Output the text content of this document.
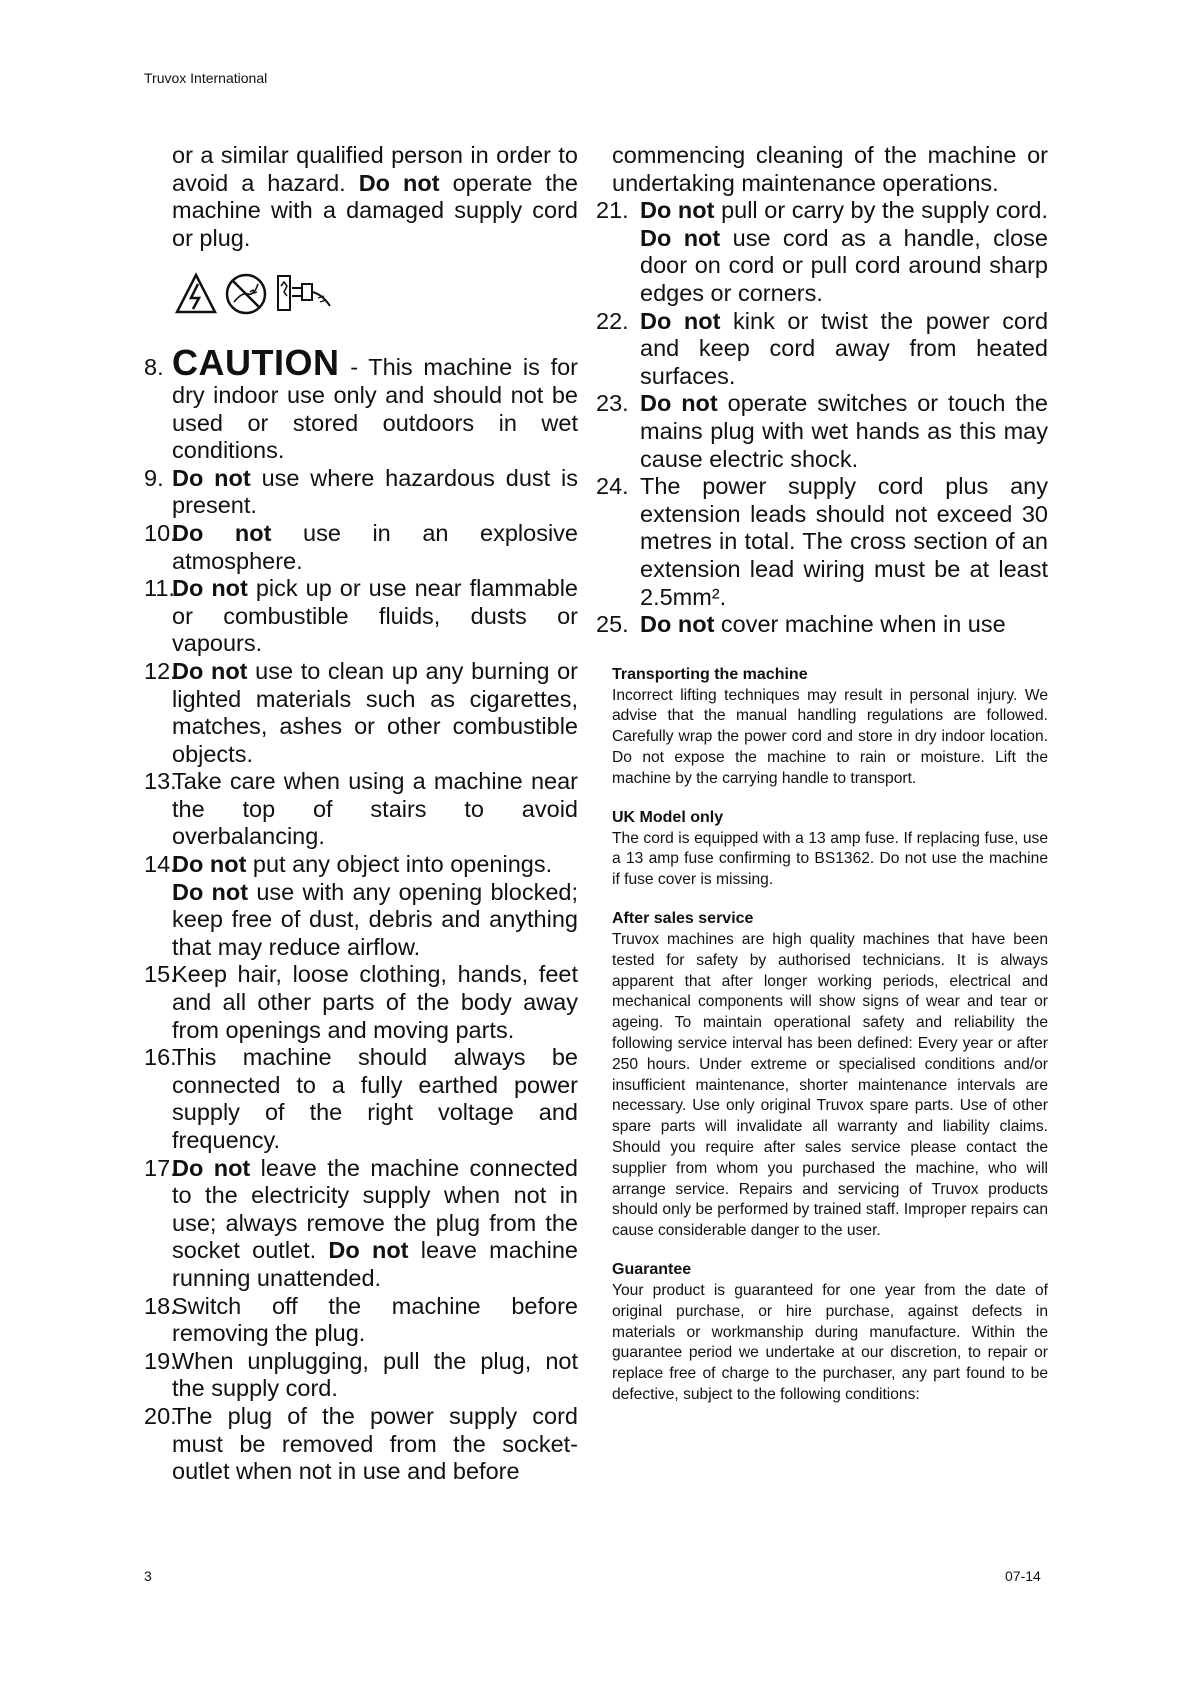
Truvox International

or a similar qualified person in order to avoid a hazard. Do not operate the machine with a damaged supply cord or plug.

8. CAUTION - This machine is for dry indoor use only and should not be used or stored outdoors in wet conditions.
9. Do not use where hazardous dust is present.
10.
Do not use in an explosive atmosphere.
11.
Do not pick up or use near flammable or combustible fluids, dusts or vapours.
12.
Do not use to clean up any burning or lighted materials such as cigarettes, matches, ashes or other combustible objects.
13.
Take care when using a machine near the top of stairs to avoid overbalancing.
14.
Do not put any object into openings.
Do not use with any opening blocked; keep free of dust, debris and anything that may reduce airflow.
15.
Keep hair, loose clothing, hands, feet and all other parts of the body away from openings and moving parts.
16.
This machine should always be connected to a fully earthed power supply of the right voltage and frequency.
17.
Do not leave the machine connected to the electricity supply when not in use; always remove the plug from the socket outlet. Do not leave machine running unattended.
18.
Switch off the machine before removing the plug.
19.
When unplugging, pull the plug, not the supply cord.
20.
The plug of the power supply cord must be removed from the socket-outlet when not in use and before

commencing cleaning of the machine or undertaking maintenance operations.

21. Do not pull or carry by the supply cord. Do not use cord as a handle, close door on cord or pull cord around sharp edges or corners.
22. Do not kink or twist the power cord and keep cord away from heated surfaces.
23. Do not operate switches or touch the mains plug with wet hands as this may cause electric shock.
24. The power supply cord plus any extension leads should not exceed 30 metres in total. The cross section of an extension lead wiring must be at least 2.5mm².
25. Do not cover machine when in use
Transporting the machine
Incorrect lifting techniques may result in personal injury. We advise that the manual handling regulations are followed. Carefully wrap the power cord and store in dry indoor location. Do not expose the machine to rain or moisture. Lift the machine by the carrying handle to transport.
UK Model only
The cord is equipped with a 13 amp fuse. If replacing fuse, use a 13 amp fuse confirming to BS1362. Do not use the machine if fuse cover is missing.
After sales service
Truvox machines are high quality machines that have been tested for safety by authorised technicians. It is always apparent that after longer working periods, electrical and mechanical components will show signs of wear and tear or ageing. To maintain operational safety and reliability the following service interval has been defined: Every year or after 250 hours. Under extreme or specialised conditions and/or insufficient maintenance, shorter maintenance intervals are necessary. Use only original Truvox spare parts. Use of other spare parts will invalidate all warranty and liability claims. Should you require after sales service please contact the supplier from whom you purchased the machine, who will arrange service. Repairs and servicing of Truvox products should only be performed by trained staff. Improper repairs can cause considerable danger to the user.
Guarantee
Your product is guaranteed for one year from the date of original purchase, or hire purchase, against defects in materials or workmanship during manufacture. Within the guarantee period we undertake at our discretion, to repair or replace free of charge to the purchaser, any part found to be defective, subject to the following conditions:
3	07-14
